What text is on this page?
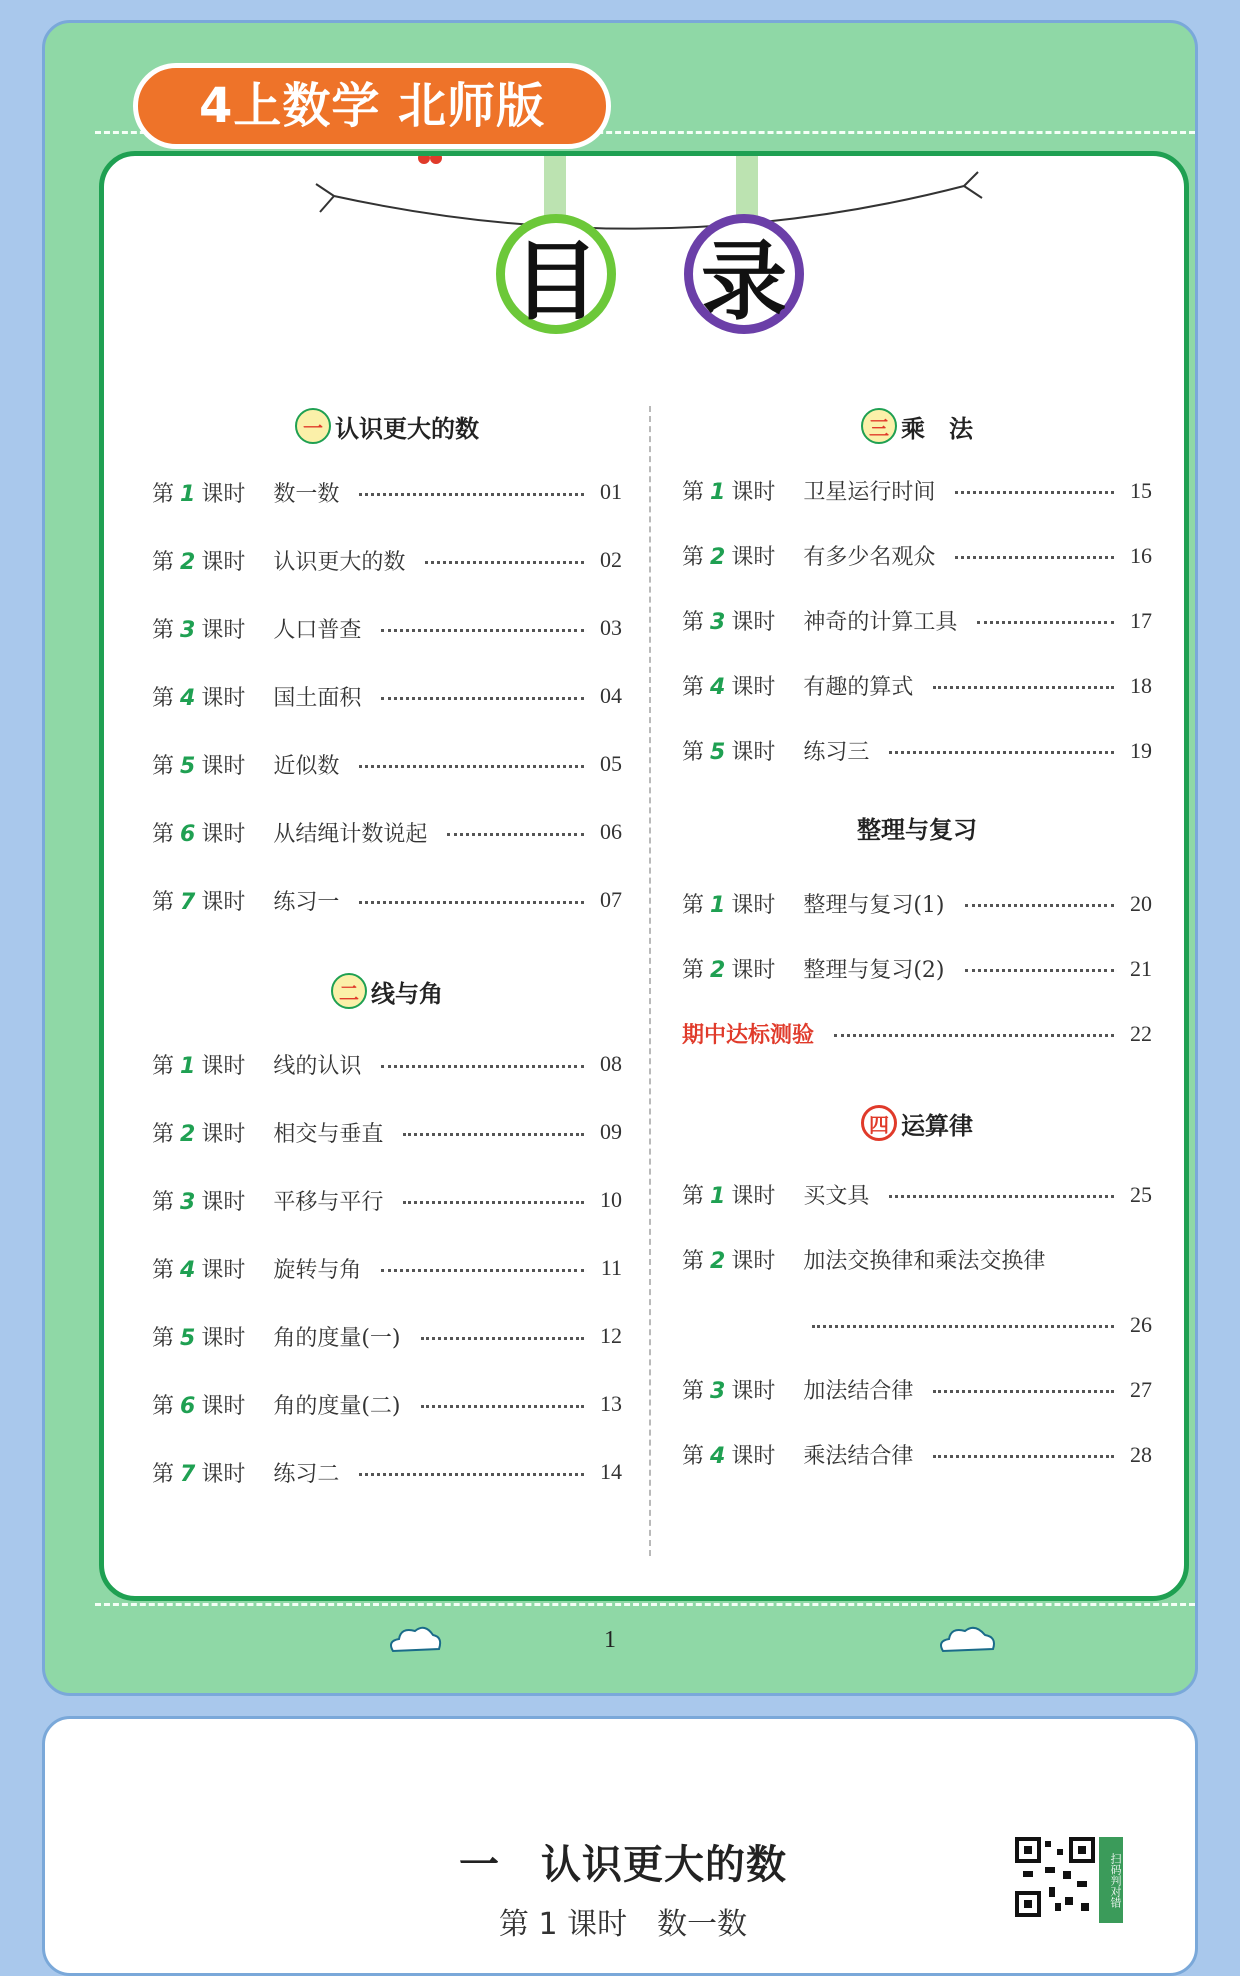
目 录
一 认识更大的数
第 1 课时 数一数	01
第 2 课时 认识更大的数	02
第 3 课时 人口普查	03
第 4 课时 国土面积	04
第 5 课时 近似数	05
第 6 课时 从结绳计数说起	06
第 7 课时 练习一	07
二 线与角
第 1 课时 线的认识	08
第 2 课时 相交与垂直	09
第 3 课时 平移与平行	10
第 4 课时 旋转与角	11
第 5 课时 角的度量(一)	12
第 6 课时 角的度量(二)	13
第 7 课时 练习二	14
三 乘　法
第 1 课时 卫星运行时间	15
第 2 课时 有多少名观众	16
第 3 课时 神奇的计算工具	17
第 4 课时 有趣的算式	18
第 5 课时 练习三	19
整理与复习
第 1 课时 整理与复习(1)	20
第 2 课时 整理与复习(2)	21
期中达标测验	22
四 运算律
第 1 课时 买文具	25
第 2 课时 加法交换律和乘法交换律
26
第 3 课时 加法结合律	27
第 4 课时 乘法结合律	28
4上数学 北师版
1
一　认识更大的数
第 1 课时　数一数
扫码判对错
